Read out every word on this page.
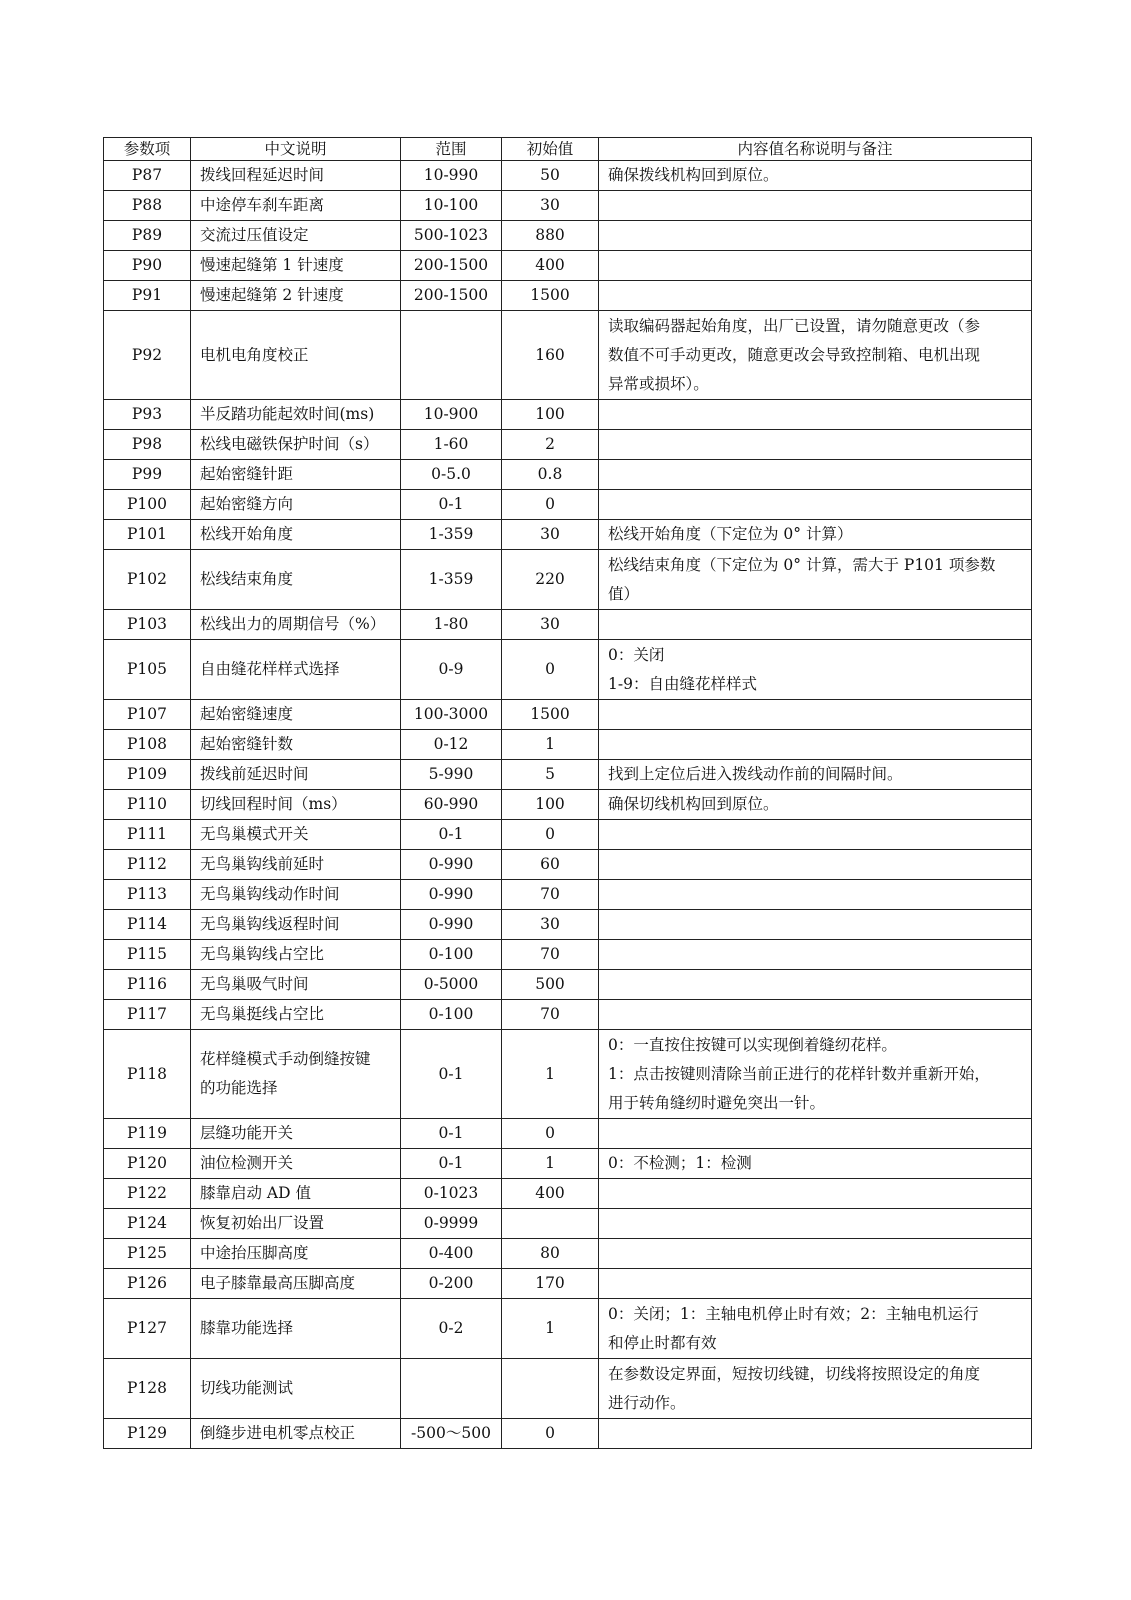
参数项	中文说明	范围	初始值	内容值名称说明与备注
P87	拨线回程延迟时间	10-990	50	确保拨线机构回到原位。

P88	中途停车刹车距离	10-100	30	
P89	交流过压值设定	500-1023	880	
P90	慢速起缝第 1 针速度	200-1500	400	
P91	慢速起缝第 2 针速度	200-1500	1500	
P92	电机电角度校正		160	读取编码器起始角度，出厂已设置，请勿随意更改（参
数值不可手动更改，随意更改会导致控制箱、电机出现
异常或损坏）。

P93	半反踏功能起效时间(ms)	10-900	100	
P98	松线电磁铁保护时间（s）	1-60	2	
P99	起始密缝针距	0-5.0	0.8	
P100	起始密缝方向	0-1	0	
P101	松线开始角度	1-359	30	松线开始角度（下定位为 0° 计算）

P102	松线结束角度	1-359	220	松线结束角度（下定位为 0° 计算，需大于 P101 项参数
值）

P103	松线出力的周期信号（%）	1-80	30	
P105	自由缝花样样式选择	0-9	0	0：关闭
1-9：自由缝花样样式

P107	起始密缝速度	100-3000	1500	
P108	起始密缝针数	0-12	1	
P109	拨线前延迟时间	5-990	5	找到上定位后进入拨线动作前的间隔时间。

P110	切线回程时间（ms）	60-990	100	确保切线机构回到原位。

P111	无鸟巢模式开关	0-1	0	
P112	无鸟巢钩线前延时	0-990	60	
P113	无鸟巢钩线动作时间	0-990	70	
P114	无鸟巢钩线返程时间	0-990	30	
P115	无鸟巢钩线占空比	0-100	70	
P116	无鸟巢吸气时间	0-5000	500	
P117	无鸟巢挺线占空比	0-100	70	
P118	花样缝模式手动倒缝按键
的功能选择	0-1	1	0：一直按住按键可以实现倒着缝纫花样。
1：点击按键则清除当前正进行的花样针数并重新开始，
用于转角缝纫时避免突出一针。

P119	层缝功能开关	0-1	0	
P120	油位检测开关	0-1	1	0：不检测；1：检测

P122	膝靠启动 AD 值	0-1023	400	
P124	恢复初始出厂设置	0-9999		
P125	中途抬压脚高度	0-400	80	
P126	电子膝靠最高压脚高度	0-200	170	
P127	膝靠功能选择	0-2	1	0：关闭；1：主轴电机停止时有效；2：主轴电机运行
和停止时都有效

P128	切线功能测试			在参数设定界面，短按切线键，切线将按照设定的角度
进行动作。

P129	倒缝步进电机零点校正	-500～500	0	
